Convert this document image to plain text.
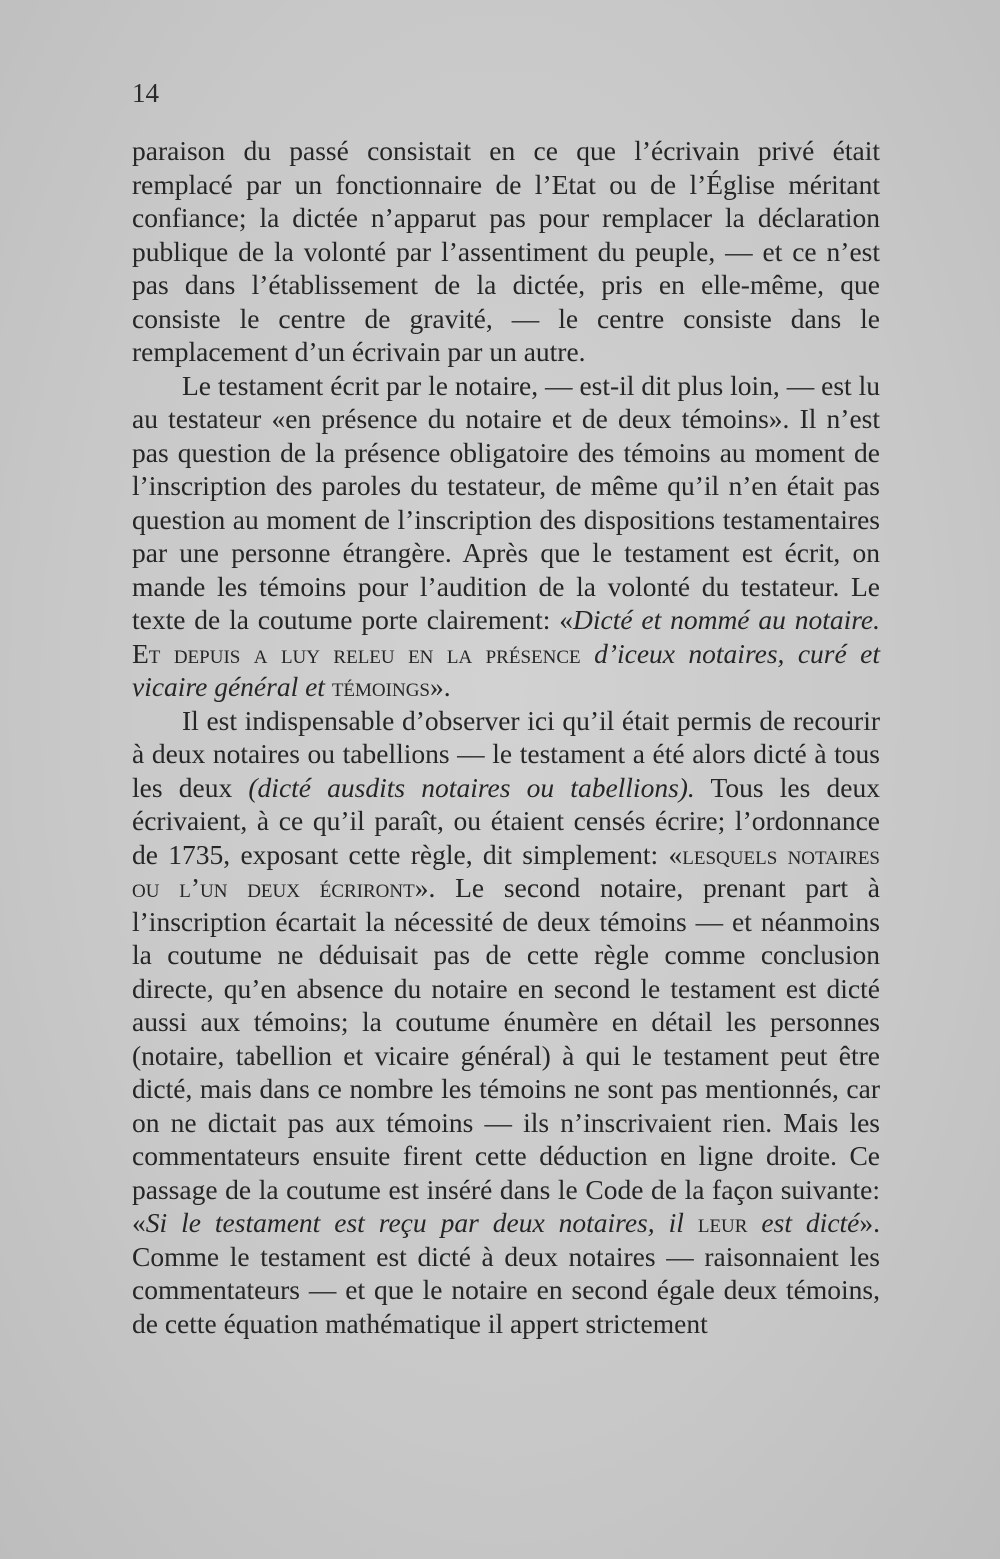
14

paraison du passé consistait en ce que l’écrivain privé était remplacé par un fonctionnaire de l’Etat ou de l’Église méritant confiance; la dictée n’apparut pas pour remplacer la déclaration publique de la volonté par l’assentiment du peuple, — et ce n’est pas dans l’établissement de la dictée, pris en elle-même, que consiste le centre de gravité, — le centre consiste dans le remplacement d’un écrivain par un autre.

Le testament écrit par le notaire, — est-il dit plus loin, — est lu au testateur «en présence du notaire et de deux témoins». Il n’est pas question de la présence obligatoire des témoins au moment de l’inscription des paroles du testateur, de même qu’il n’en était pas question au moment de l’inscription des dispositions testamentaires par une personne étrangère. Après que le testament est écrit, on mande les témoins pour l’audition de la volonté du testateur. Le texte de la coutume porte clairement: «Dicté et nommé au notaire. Et depuis a luy releu en la présence d’iceux notaires, curé et vicaire général et témoings».

Il est indispensable d’observer ici qu’il était permis de recourir à deux notaires ou tabellions — le testament a été alors dicté à tous les deux (dicté ausdits notaires ou tabellions). Tous les deux écrivaient, à ce qu’il paraît, ou étaient censés écrire; l’ordonnance de 1735, exposant cette règle, dit simplement: «lesquels notaires ou l’un deux écriront». Le second notaire, prenant part à l’inscription écartait la nécessité de deux témoins — et néanmoins la coutume ne déduisait pas de cette règle comme conclusion directe, qu’en absence du notaire en second le testament est dicté aussi aux témoins; la coutume énumère en détail les personnes (notaire, tabellion et vicaire général) à qui le testament peut être dicté, mais dans ce nombre les témoins ne sont pas mentionnés, car on ne dictait pas aux témoins — ils n’inscrivaient rien. Mais les commentateurs ensuite firent cette déduction en ligne droite. Ce passage de la coutume est inséré dans le Code de la façon suivante: «Si le testament est reçu par deux notaires, il leur est dicté». Comme le testament est dicté à deux notaires — raisonnaient les commentateurs — et que le notaire en second égale deux témoins, de cette équation mathématique il appert strictement
